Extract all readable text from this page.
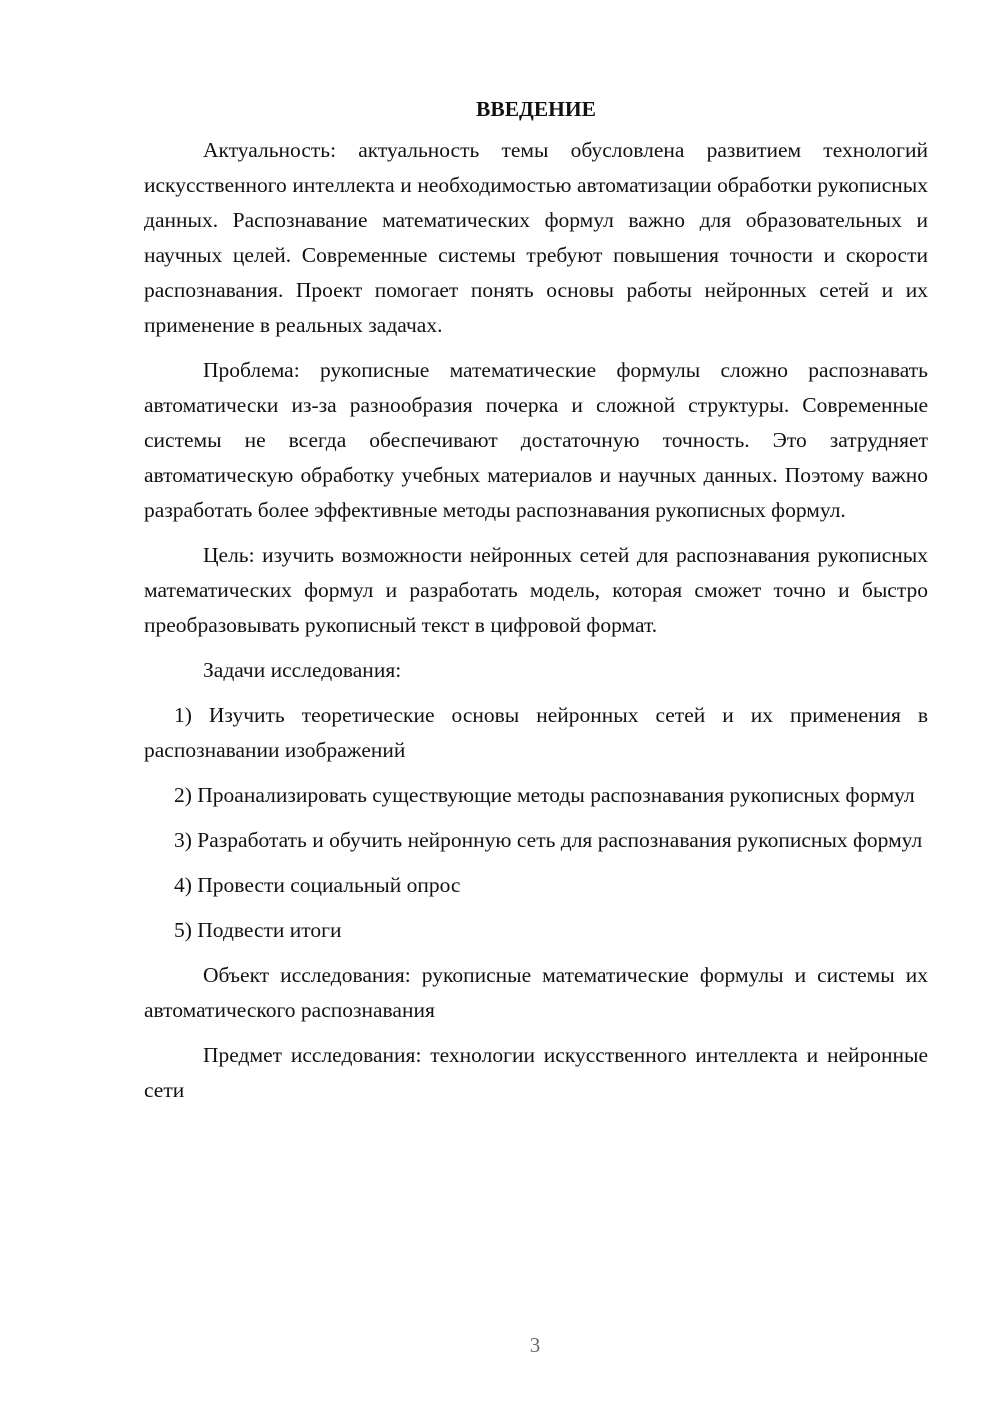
ВВЕДЕНИЕ

Актуальность: актуальность темы обусловлена развитием технологий искусственного интеллекта и необходимостью автоматизации обработки рукописных данных. Распознавание математических формул важно для образовательных и научных целей. Современные системы требуют повышения точности и скорости распознавания. Проект помогает понять основы работы нейронных сетей и их применение в реальных задачах.

Проблема: рукописные математические формулы сложно распознавать автоматически из-за разнообразия почерка и сложной структуры. Современные системы не всегда обеспечивают достаточную точность. Это затрудняет автоматическую обработку учебных материалов и научных данных. Поэтому важно разработать более эффективные методы распознавания рукописных формул.

Цель: изучить возможности нейронных сетей для распознавания рукописных математических формул и разработать модель, которая сможет точно и быстро преобразовывать рукописный текст в цифровой формат.

Задачи исследования:

1) Изучить теоретические основы нейронных сетей и их применения в распознавании изображений

2) Проанализировать существующие методы распознавания рукописных формул

3) Разработать и обучить нейронную сеть для распознавания рукописных формул

4) Провести социальный опрос

5) Подвести итоги

Объект исследования: рукописные математические формулы и системы их автоматического распознавания

Предмет исследования: технологии искусственного интеллекта и нейронные сети

3
